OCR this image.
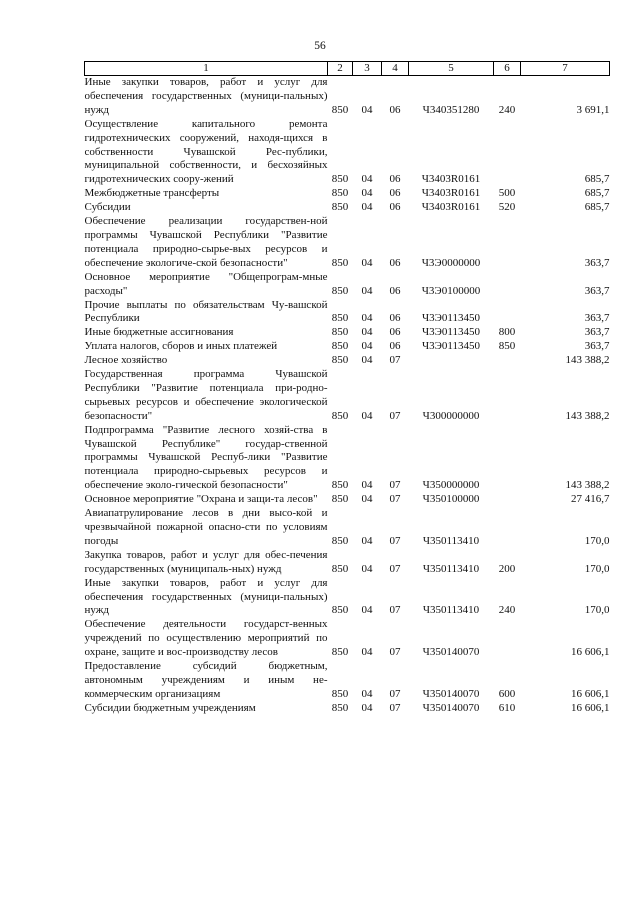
56
1	2	3	4	5	6	7
Иные закупки товаров, работ и услуг для обеспечения государственных (муници-пальных) нужд	850	04	06	Ч340351280	240	3 691,1
Осуществление капитального ремонта гидротехнических сооружений, находя-щихся в собственности Чувашской Рес-публики, муниципальной собственности, и бесхозяйных гидротехнических соору-жений	850	04	06	Ч3403R0161		685,7
Межбюджетные трансферты	850	04	06	Ч3403R0161	500	685,7
Субсидии	850	04	06	Ч3403R0161	520	685,7
Обеспечение реализации государствен-ной программы Чувашской Республики "Развитие потенциала природно-сырье-вых ресурсов и обеспечение экологиче-ской безопасности"	850	04	06	Ч3Э0000000		363,7
Основное мероприятие "Общепрограм-мные расходы"	850	04	06	Ч3Э0100000		363,7
Прочие выплаты по обязательствам Чу-вашской Республики	850	04	06	Ч3Э0113450		363,7
Иные бюджетные ассигнования	850	04	06	Ч3Э0113450	800	363,7
Уплата налогов, сборов и иных платежей	850	04	06	Ч3Э0113450	850	363,7
Лесное хозяйство	850	04	07			143 388,2
Государственная программа Чувашской Республики "Развитие потенциала при-родно-сырьевых ресурсов и обеспечение экологической безопасности"	850	04	07	Ч300000000		143 388,2
Подпрограмма "Развитие лесного хозяй-ства в Чувашской Республике" государ-ственной программы Чувашской Респуб-лики "Развитие потенциала природно-сырьевых ресурсов и обеспечение эколо-гической безопасности"	850	04	07	Ч350000000		143 388,2
Основное мероприятие "Охрана и защи-та лесов"	850	04	07	Ч350100000		27 416,7
Авиапатрулирование лесов в дни высо-кой и чрезвычайной пожарной опасно-сти по условиям погоды	850	04	07	Ч350113410		170,0
Закупка товаров, работ и услуг для обес-печения государственных (муниципаль-ных) нужд	850	04	07	Ч350113410	200	170,0
Иные закупки товаров, работ и услуг для обеспечения государственных (муници-пальных) нужд	850	04	07	Ч350113410	240	170,0
Обеспечение деятельности государст-венных учреждений по осуществлению мероприятий по охране, защите и вос-производству лесов	850	04	07	Ч350140070		16 606,1
Предоставление субсидий бюджетным, автономным учреждениям и иным не-коммерческим организациям	850	04	07	Ч350140070	600	16 606,1
Субсидии бюджетным учреждениям	850	04	07	Ч350140070	610	16 606,1
